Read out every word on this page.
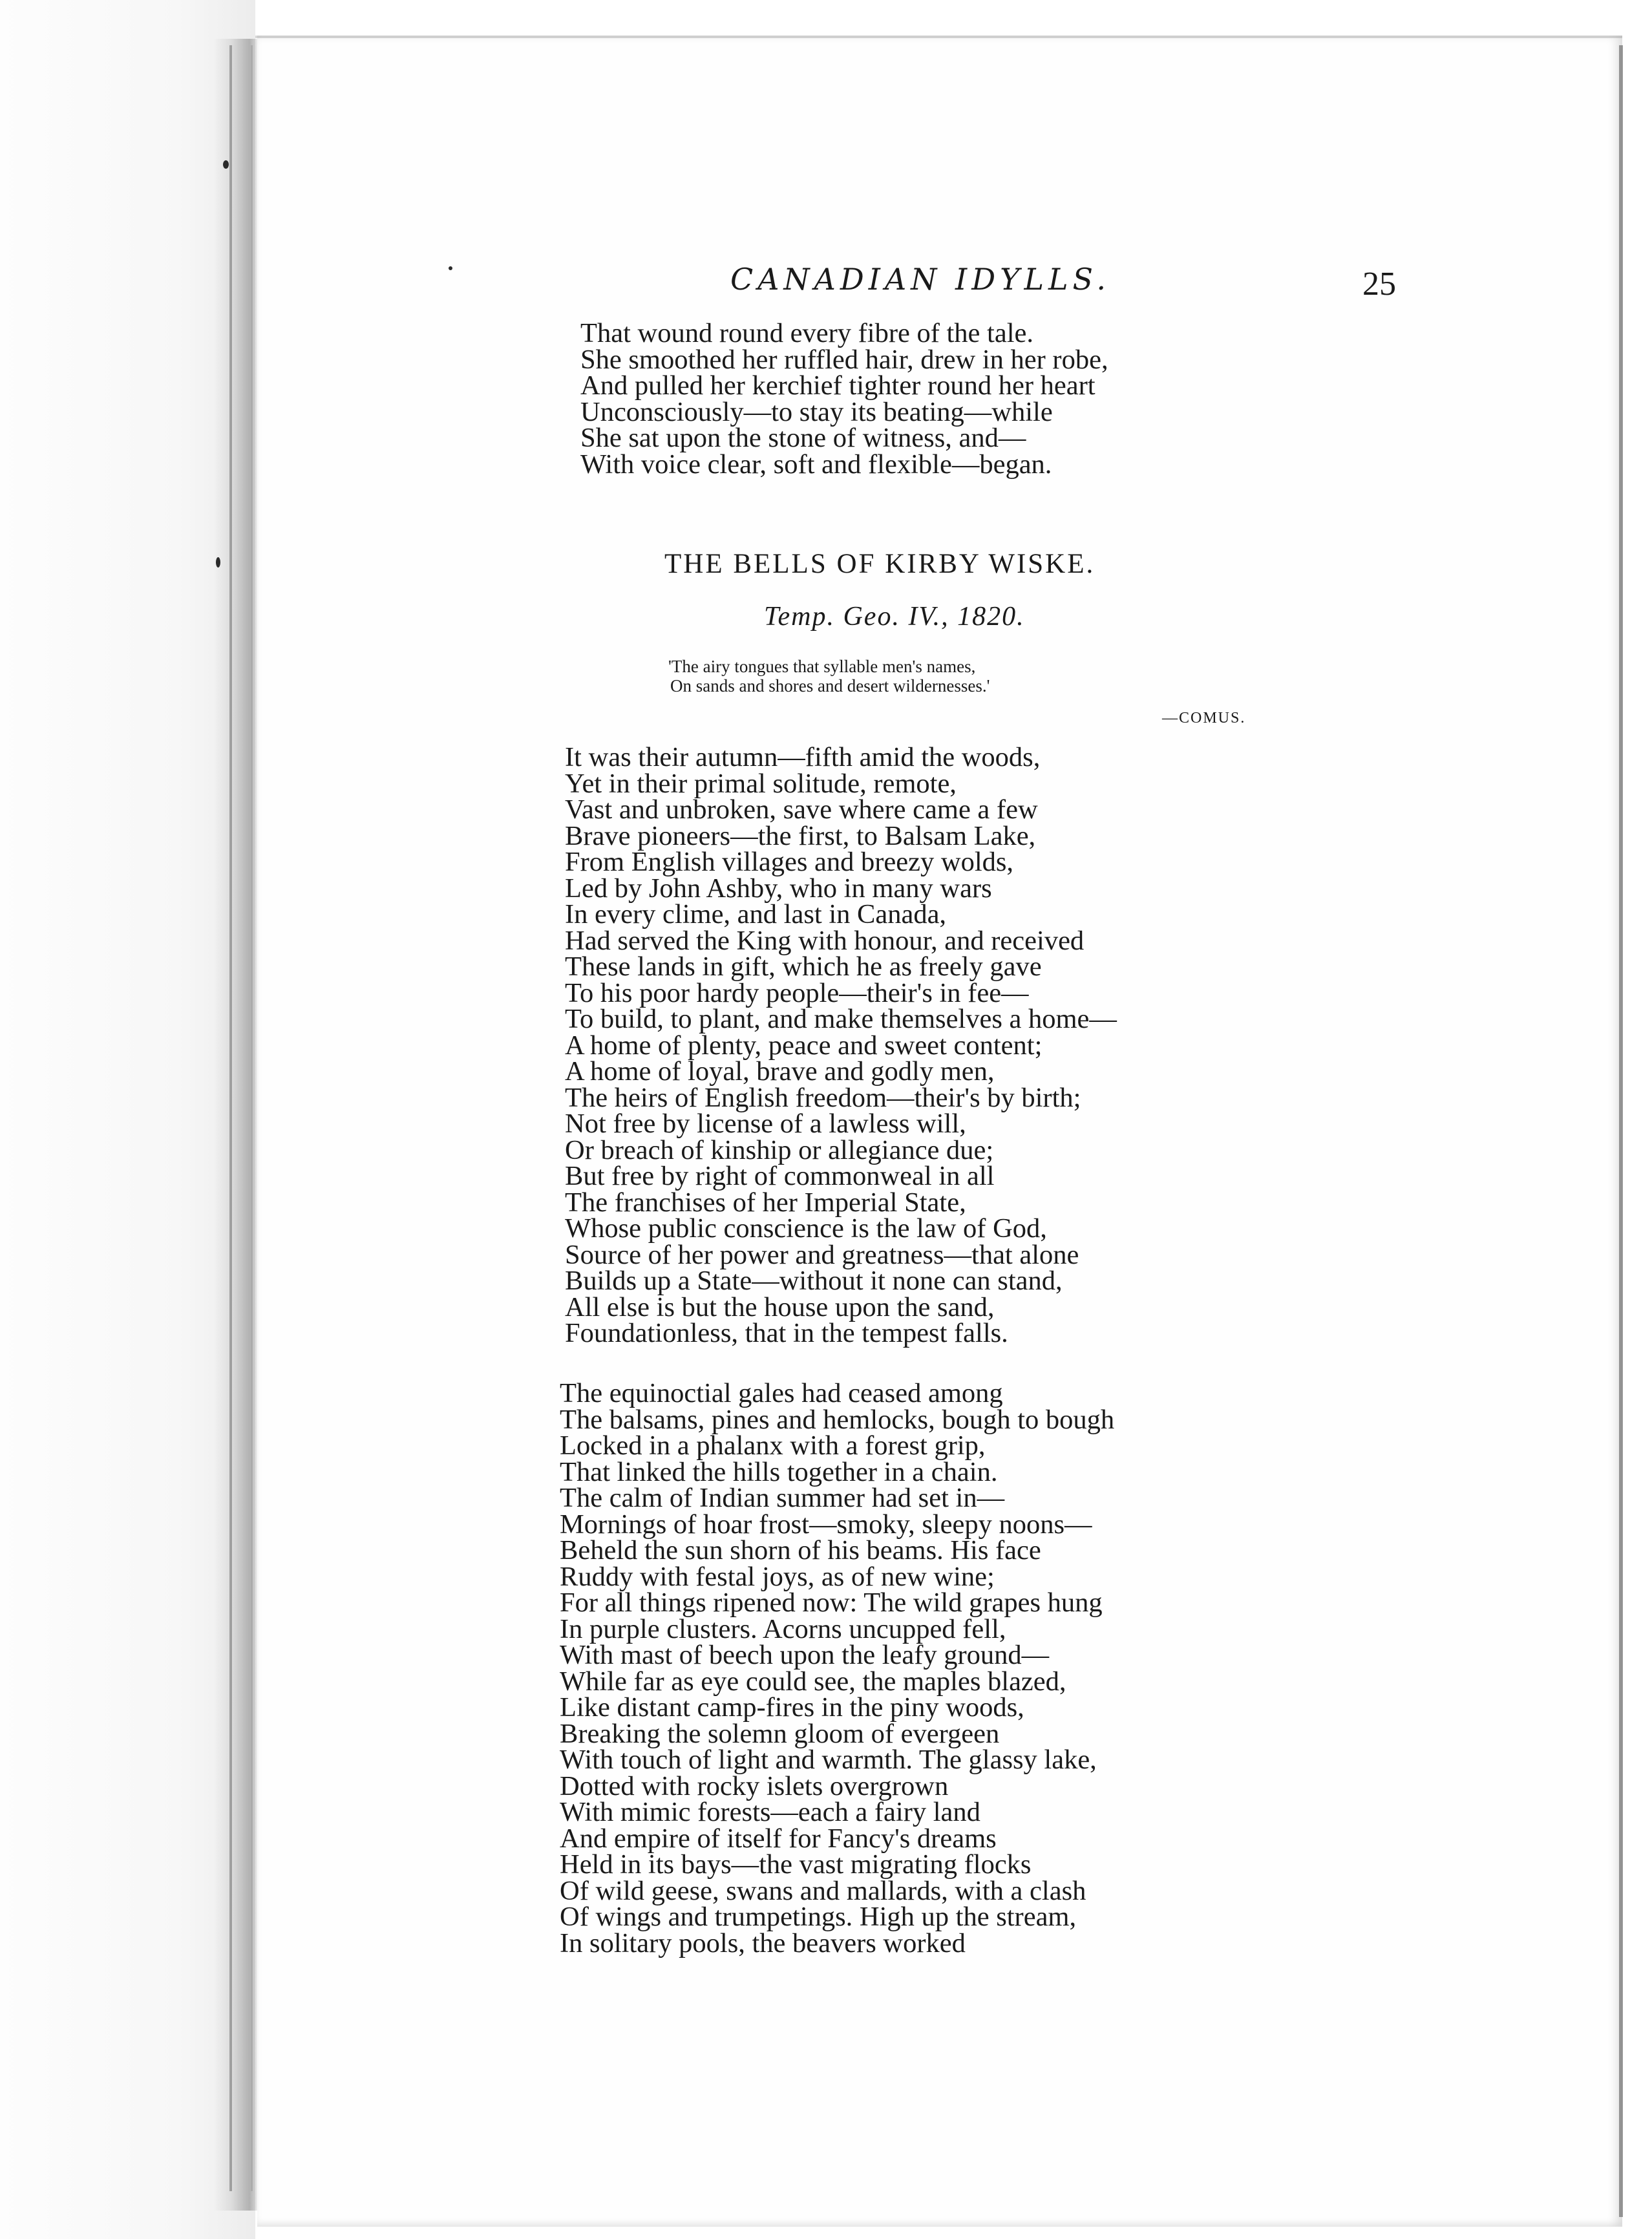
CANADIAN IDYLLS.	25
That wound round every fibre of the tale.
She smoothed her ruffled hair, drew in her robe,
And pulled her kerchief tighter round her heart
Unconsciously—to stay its beating—while
She sat upon the stone of witness, and—
With voice clear, soft and flexible—began.
THE BELLS OF KIRBY WISKE.
Temp. Geo. IV., 1820.
'The airy tongues that syllable men's names,
On sands and shores and desert wildernesses.'
—COMUS.
It was their autumn—fifth amid the woods,
Yet in their primal solitude, remote,
Vast and unbroken, save where came a few
Brave pioneers—the first, to Balsam Lake,
From English villages and breezy wolds,
Led by John Ashby, who in many wars
In every clime, and last in Canada,
Had served the King with honour, and received
These lands in gift, which he as freely gave
To his poor hardy people—their's in fee—
To build, to plant, and make themselves a home—
A home of plenty, peace and sweet content;
A home of loyal, brave and godly men,
The heirs of English freedom—their's by birth;
Not free by license of a lawless will,
Or breach of kinship or allegiance due;
But free by right of commonweal in all
The franchises of her Imperial State,
Whose public conscience is the law of God,
Source of her power and greatness—that alone
Builds up a State—without it none can stand,
All else is but the house upon the sand,
Foundationless, that in the tempest falls.
The equinoctial gales had ceased among
The balsams, pines and hemlocks, bough to bough
Locked in a phalanx with a forest grip,
That linked the hills together in a chain.
The calm of Indian summer had set in—
Mornings of hoar frost—smoky, sleepy noons—
Beheld the sun shorn of his beams. His face
Ruddy with festal joys, as of new wine;
For all things ripened now: The wild grapes hung
In purple clusters. Acorns uncupped fell,
With mast of beech upon the leafy ground—
While far as eye could see, the maples blazed,
Like distant camp-fires in the piny woods,
Breaking the solemn gloom of evergeen
With touch of light and warmth. The glassy lake,
Dotted with rocky islets overgrown
With mimic forests—each a fairy land
And empire of itself for Fancy's dreams
Held in its bays—the vast migrating flocks
Of wild geese, swans and mallards, with a clash
Of wings and trumpetings. High up the stream,
In solitary pools, the beavers worked
